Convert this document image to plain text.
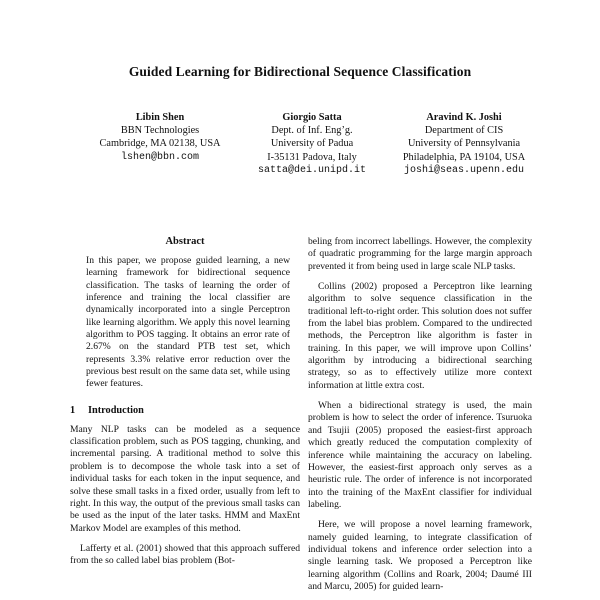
Guided Learning for Bidirectional Sequence Classification
Libin Shen
BBN Technologies
Cambridge, MA 02138, USA
lshen@bbn.com
Giorgio Satta
Dept. of Inf. Eng’g.
University of Padua
I-35131 Padova, Italy
satta@dei.unipd.it
Aravind K. Joshi
Department of CIS
University of Pennsylvania
Philadelphia, PA 19104, USA
joshi@seas.upenn.edu
Abstract

In this paper, we propose guided learning, a new learning framework for bidirectional sequence classification. The tasks of learning the order of inference and training the local classifier are dynamically incorporated into a single Perceptron like learning algorithm. We apply this novel learning algorithm to POS tagging. It obtains an error rate of 2.67% on the standard PTB test set, which represents 3.3% relative error reduction over the previous best result on the same data set, while using fewer features.

1 Introduction

Many NLP tasks can be modeled as a sequence classification problem, such as POS tagging, chunking, and incremental parsing. A traditional method to solve this problem is to decompose the whole task into a set of individual tasks for each token in the input sequence, and solve these small tasks in a fixed order, usually from left to right. In this way, the output of the previous small tasks can be used as the input of the later tasks. HMM and MaxEnt Markov Model are examples of this method.

Lafferty et al. (2001) showed that this approach suffered from the so called label bias problem (Bot-

beling from incorrect labellings. However, the complexity of quadratic programming for the large margin approach prevented it from being used in large scale NLP tasks.

Collins (2002) proposed a Perceptron like learning algorithm to solve sequence classification in the traditional left-to-right order. This solution does not suffer from the label bias problem. Compared to the undirected methods, the Perceptron like algorithm is faster in training. In this paper, we will improve upon Collins’ algorithm by introducing a bidirectional searching strategy, so as to effectively utilize more context information at little extra cost.

When a bidirectional strategy is used, the main problem is how to select the order of inference. Tsuruoka and Tsujii (2005) proposed the easiest-first approach which greatly reduced the computation complexity of inference while maintaining the accuracy on labeling. However, the easiest-first approach only serves as a heuristic rule. The order of inference is not incorporated into the training of the MaxEnt classifier for individual labeling.

Here, we will propose a novel learning framework, namely guided learning, to integrate classification of individual tokens and inference order selection into a single learning task. We proposed a Perceptron like learning algorithm (Collins and Roark, 2004; Daumé III and Marcu, 2005) for guided learn-
